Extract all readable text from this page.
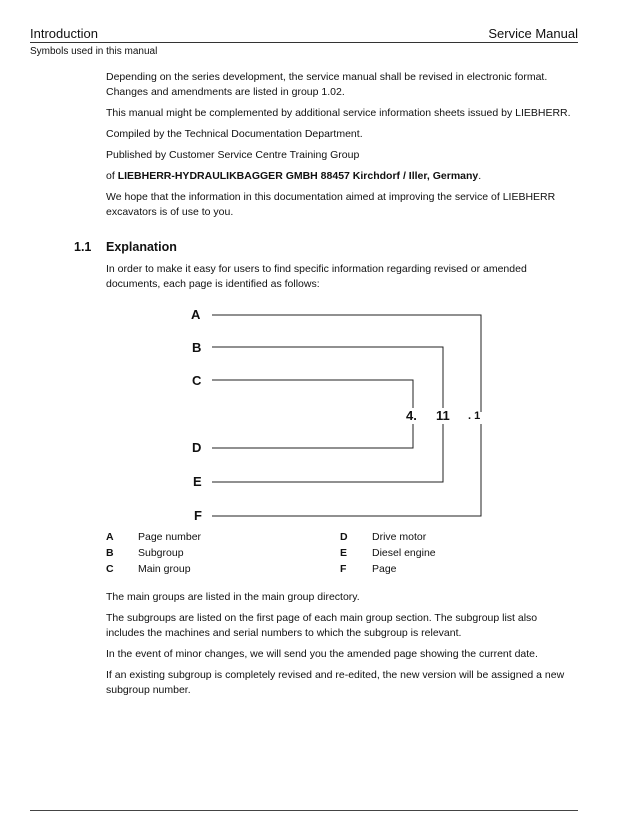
Introduction	Service Manual
Symbols used in this manual

Depending on the series development, the service manual shall be revised in electronic format. Changes and amendments are listed in group 1.02.

This manual might be complemented by additional service information sheets issued by LIEBHERR.

Compiled by the Technical Documentation Department.

Published by Customer Service Centre Training Group

of LIEBHERR-HYDRAULIKBAGGER GMBH 88457 Kirchdorf / Iller, Germany.

We hope that the information in this documentation aimed at improving the service of LIEBHERR excavators is of use to you.

1.1 Explanation

In order to make it easy for users to find specific information regarding revised or amended documents, each page is identified as follows:

A
B
C
D
E
F
4. 11 . 1
A Page number
B Subgroup
C Main group
D Drive motor
E Diesel engine
F Page

The main groups are listed in the main group directory.

The subgroups are listed on the first page of each main group section. The subgroup list also includes the machines and serial numbers to which the subgroup is relevant.

In the event of minor changes, we will send you the amended page showing the current date.

If an existing subgroup is completely revised and re-edited, the new version will be assigned a new subgroup number.
